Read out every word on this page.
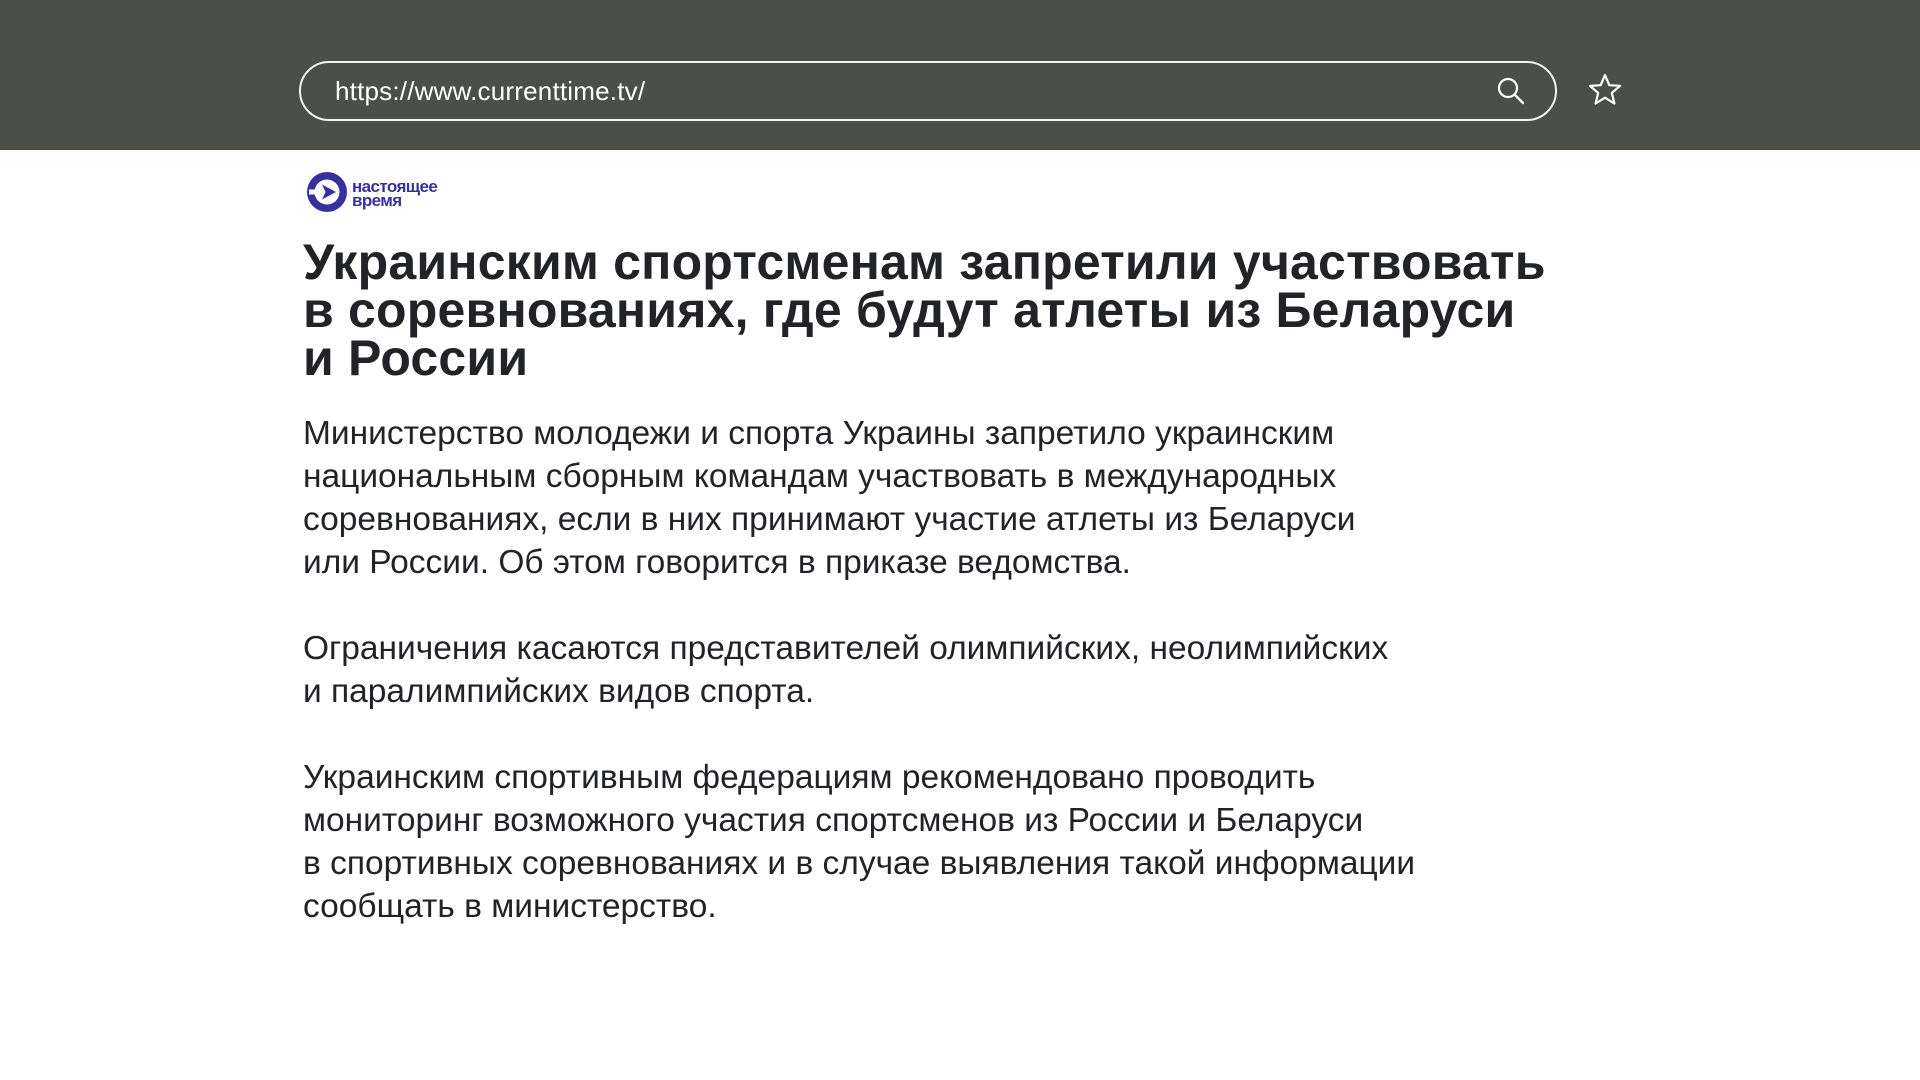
https://www.currenttime.tv/
настоящее
время
Украинским спортсменам запретили участвовать
в соревнованиях, где будут атлеты из Беларуси
и России

Министерство молодежи и спорта Украины запретило украинским
национальным сборным командам участвовать в международных
соревнованиях, если в них принимают участие атлеты из Беларуси
или России. Об этом говорится в приказе ведомства.

Ограничения касаются представителей олимпийских, неолимпийских
и паралимпийских видов спорта.

Украинским спортивным федерациям рекомендовано проводить
мониторинг возможного участия спортсменов из России и Беларуси
в спортивных соревнованиях и в случае выявления такой информации
сообщать в министерство.
